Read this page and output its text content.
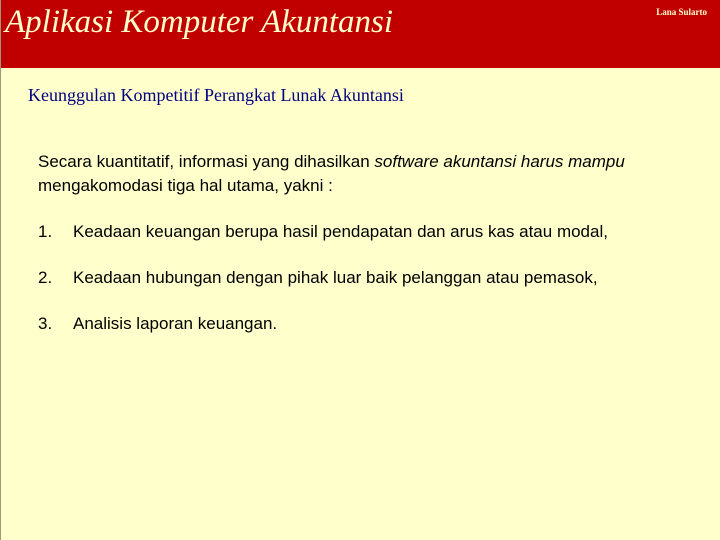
Aplikasi Komputer Akuntansi	Lana Sularto
Keunggulan Kompetitif Perangkat Lunak Akuntansi
Secara kuantitatif, informasi yang dihasilkan software akuntansi harus mampu mengakomodasi tiga hal utama, yakni :
1. Keadaan keuangan berupa hasil pendapatan dan arus kas atau modal,
2. Keadaan hubungan dengan pihak luar baik pelanggan atau pemasok,
3. Analisis laporan keuangan.
